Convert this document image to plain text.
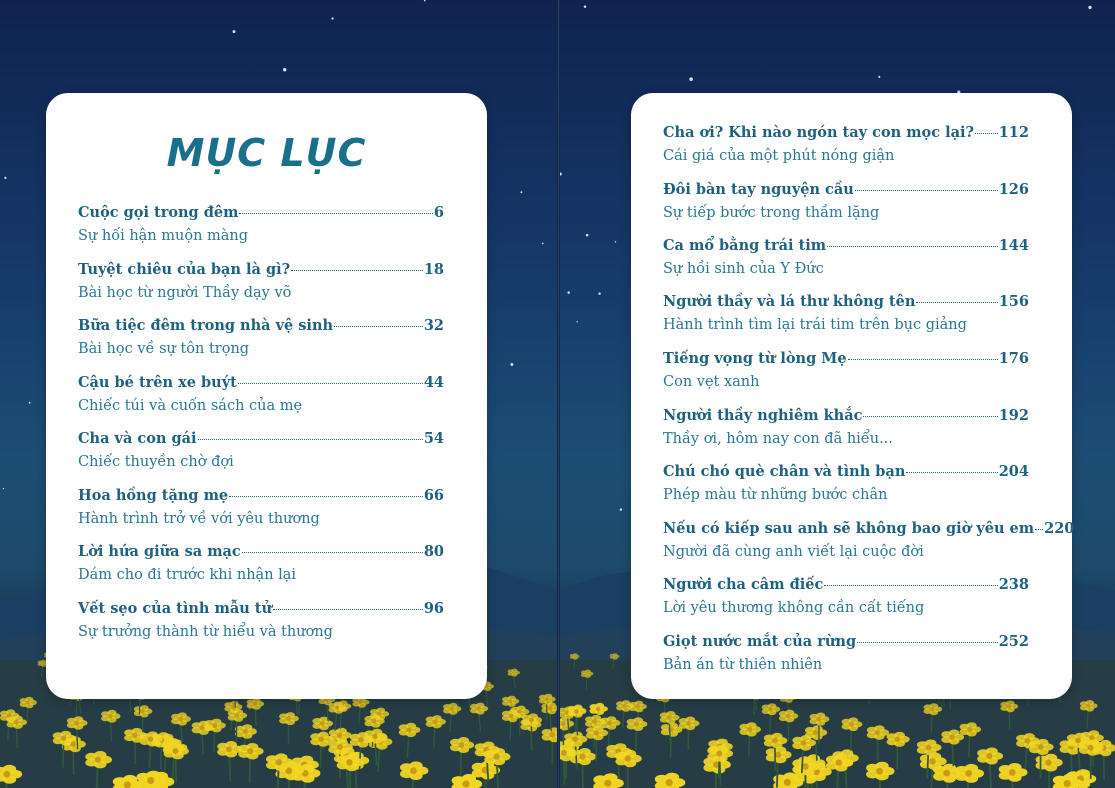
MỤC LỤC
Cuộc gọi trong đêm	6
Sự hối hận muộn màng
Tuyệt chiêu của bạn là gì?	18
Bài học từ người Thầy dạy võ
Bữa tiệc đêm trong nhà vệ sinh	32
Bài học về sự tôn trọng
Cậu bé trên xe buýt	44
Chiếc túi và cuốn sách của mẹ
Cha và con gái	54
Chiếc thuyền chờ đợi
Hoa hồng tặng mẹ	66
Hành trình trở về với yêu thương
Lời hứa giữa sa mạc	80
Dám cho đi trước khi nhận lại
Vết sẹo của tình mẫu tử	96
Sự trưởng thành từ hiểu và thương
Cha ơi? Khi nào ngón tay con mọc lại? 112
Cái giá của một phút nóng giận
Đôi bàn tay nguyện cầu	126
Sự tiếp bước trong thầm lặng
Ca mổ bằng trái tim	144
Sự hồi sinh của Y Đức
Người thầy và lá thư không tên	156
Hành trình tìm lại trái tim trên bục giảng
Tiếng vọng từ lòng Mẹ	176
Con vẹt xanh
Người thầy nghiêm khắc	192
Thầy ơi, hôm nay con đã hiểu...
Chú chó què chân và tình bạn	204
Phép màu từ những bước chân
Nếu có kiếp sau anh sẽ không bao giờ yêu em 220
Người đã cùng anh viết lại cuộc đời
Người cha câm điếc	238
Lời yêu thương không cần cất tiếng
Giọt nước mắt của rừng	252
Bản án từ thiên nhiên
